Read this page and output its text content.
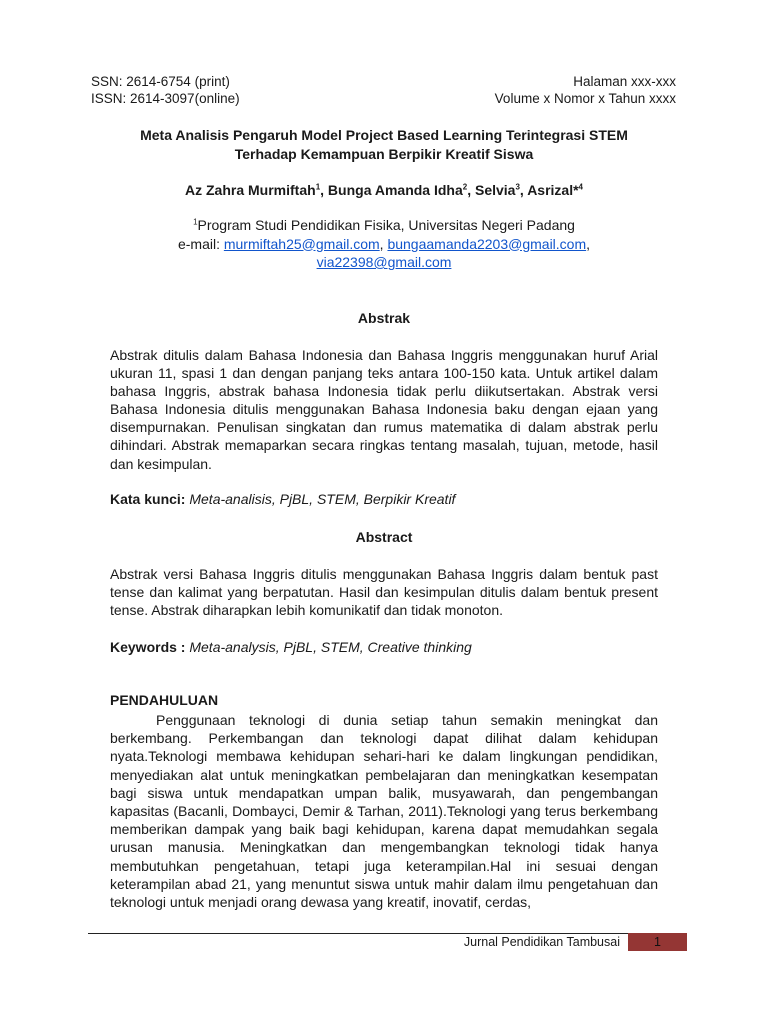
SSN: 2614-6754 (print)
ISSN: 2614-3097(online)
Halaman xxx-xxx
Volume x Nomor x Tahun xxxx
Meta Analisis Pengaruh Model Project Based Learning Terintegrasi STEM
Terhadap Kemampuan Berpikir Kreatif Siswa
Az Zahra Murmiftah$^1$, Bunga Amanda Idha$^2$, Selvia$^3$, Asrizal*$^4$
$^1$Program Studi Pendidikan Fisika, Universitas Negeri Padang
e-mail: murmiftah25@gmail.com, bungaamanda2203@gmail.com,
via22398@gmail.com
Abstrak
Abstrak ditulis dalam Bahasa Indonesia dan Bahasa Inggris menggunakan huruf Arial ukuran 11, spasi 1 dan dengan panjang teks antara 100-150 kata. Untuk artikel dalam bahasa Inggris, abstrak bahasa Indonesia tidak perlu diikutsertakan. Abstrak versi Bahasa Indonesia ditulis menggunakan Bahasa Indonesia baku dengan ejaan yang disempurnakan. Penulisan singkatan dan rumus matematika di dalam abstrak perlu dihindari. Abstrak memaparkan secara ringkas tentang masalah, tujuan, metode, hasil dan kesimpulan.
Kata kunci: Meta-analisis, PjBL, STEM, Berpikir Kreatif
Abstract
Abstrak versi Bahasa Inggris ditulis menggunakan Bahasa Inggris dalam bentuk past tense dan kalimat yang berpatutan. Hasil dan kesimpulan ditulis dalam bentuk present tense. Abstrak diharapkan lebih komunikatif dan tidak monoton.
Keywords : Meta-analysis, PjBL, STEM, Creative thinking
PENDAHULUAN
Penggunaan teknologi di dunia setiap tahun semakin meningkat dan berkembang. Perkembangan dan teknologi dapat dilihat dalam kehidupan nyata.Teknologi membawa kehidupan sehari-hari ke dalam lingkungan pendidikan, menyediakan alat untuk meningkatkan pembelajaran dan meningkatkan kesempatan bagi siswa untuk mendapatkan umpan balik, musyawarah, dan pengembangan kapasitas (Bacanli, Dombayci, Demir & Tarhan, 2011).Teknologi yang terus berkembang memberikan dampak yang baik bagi kehidupan, karena dapat memudahkan segala urusan manusia. Meningkatkan dan mengembangkan teknologi tidak hanya membutuhkan pengetahuan, tetapi juga keterampilan.Hal ini sesuai dengan keterampilan abad 21, yang menuntut siswa untuk mahir dalam ilmu pengetahuan dan teknologi untuk menjadi orang dewasa yang kreatif, inovatif, cerdas,
Jurnal Pendidikan Tambusai	1
